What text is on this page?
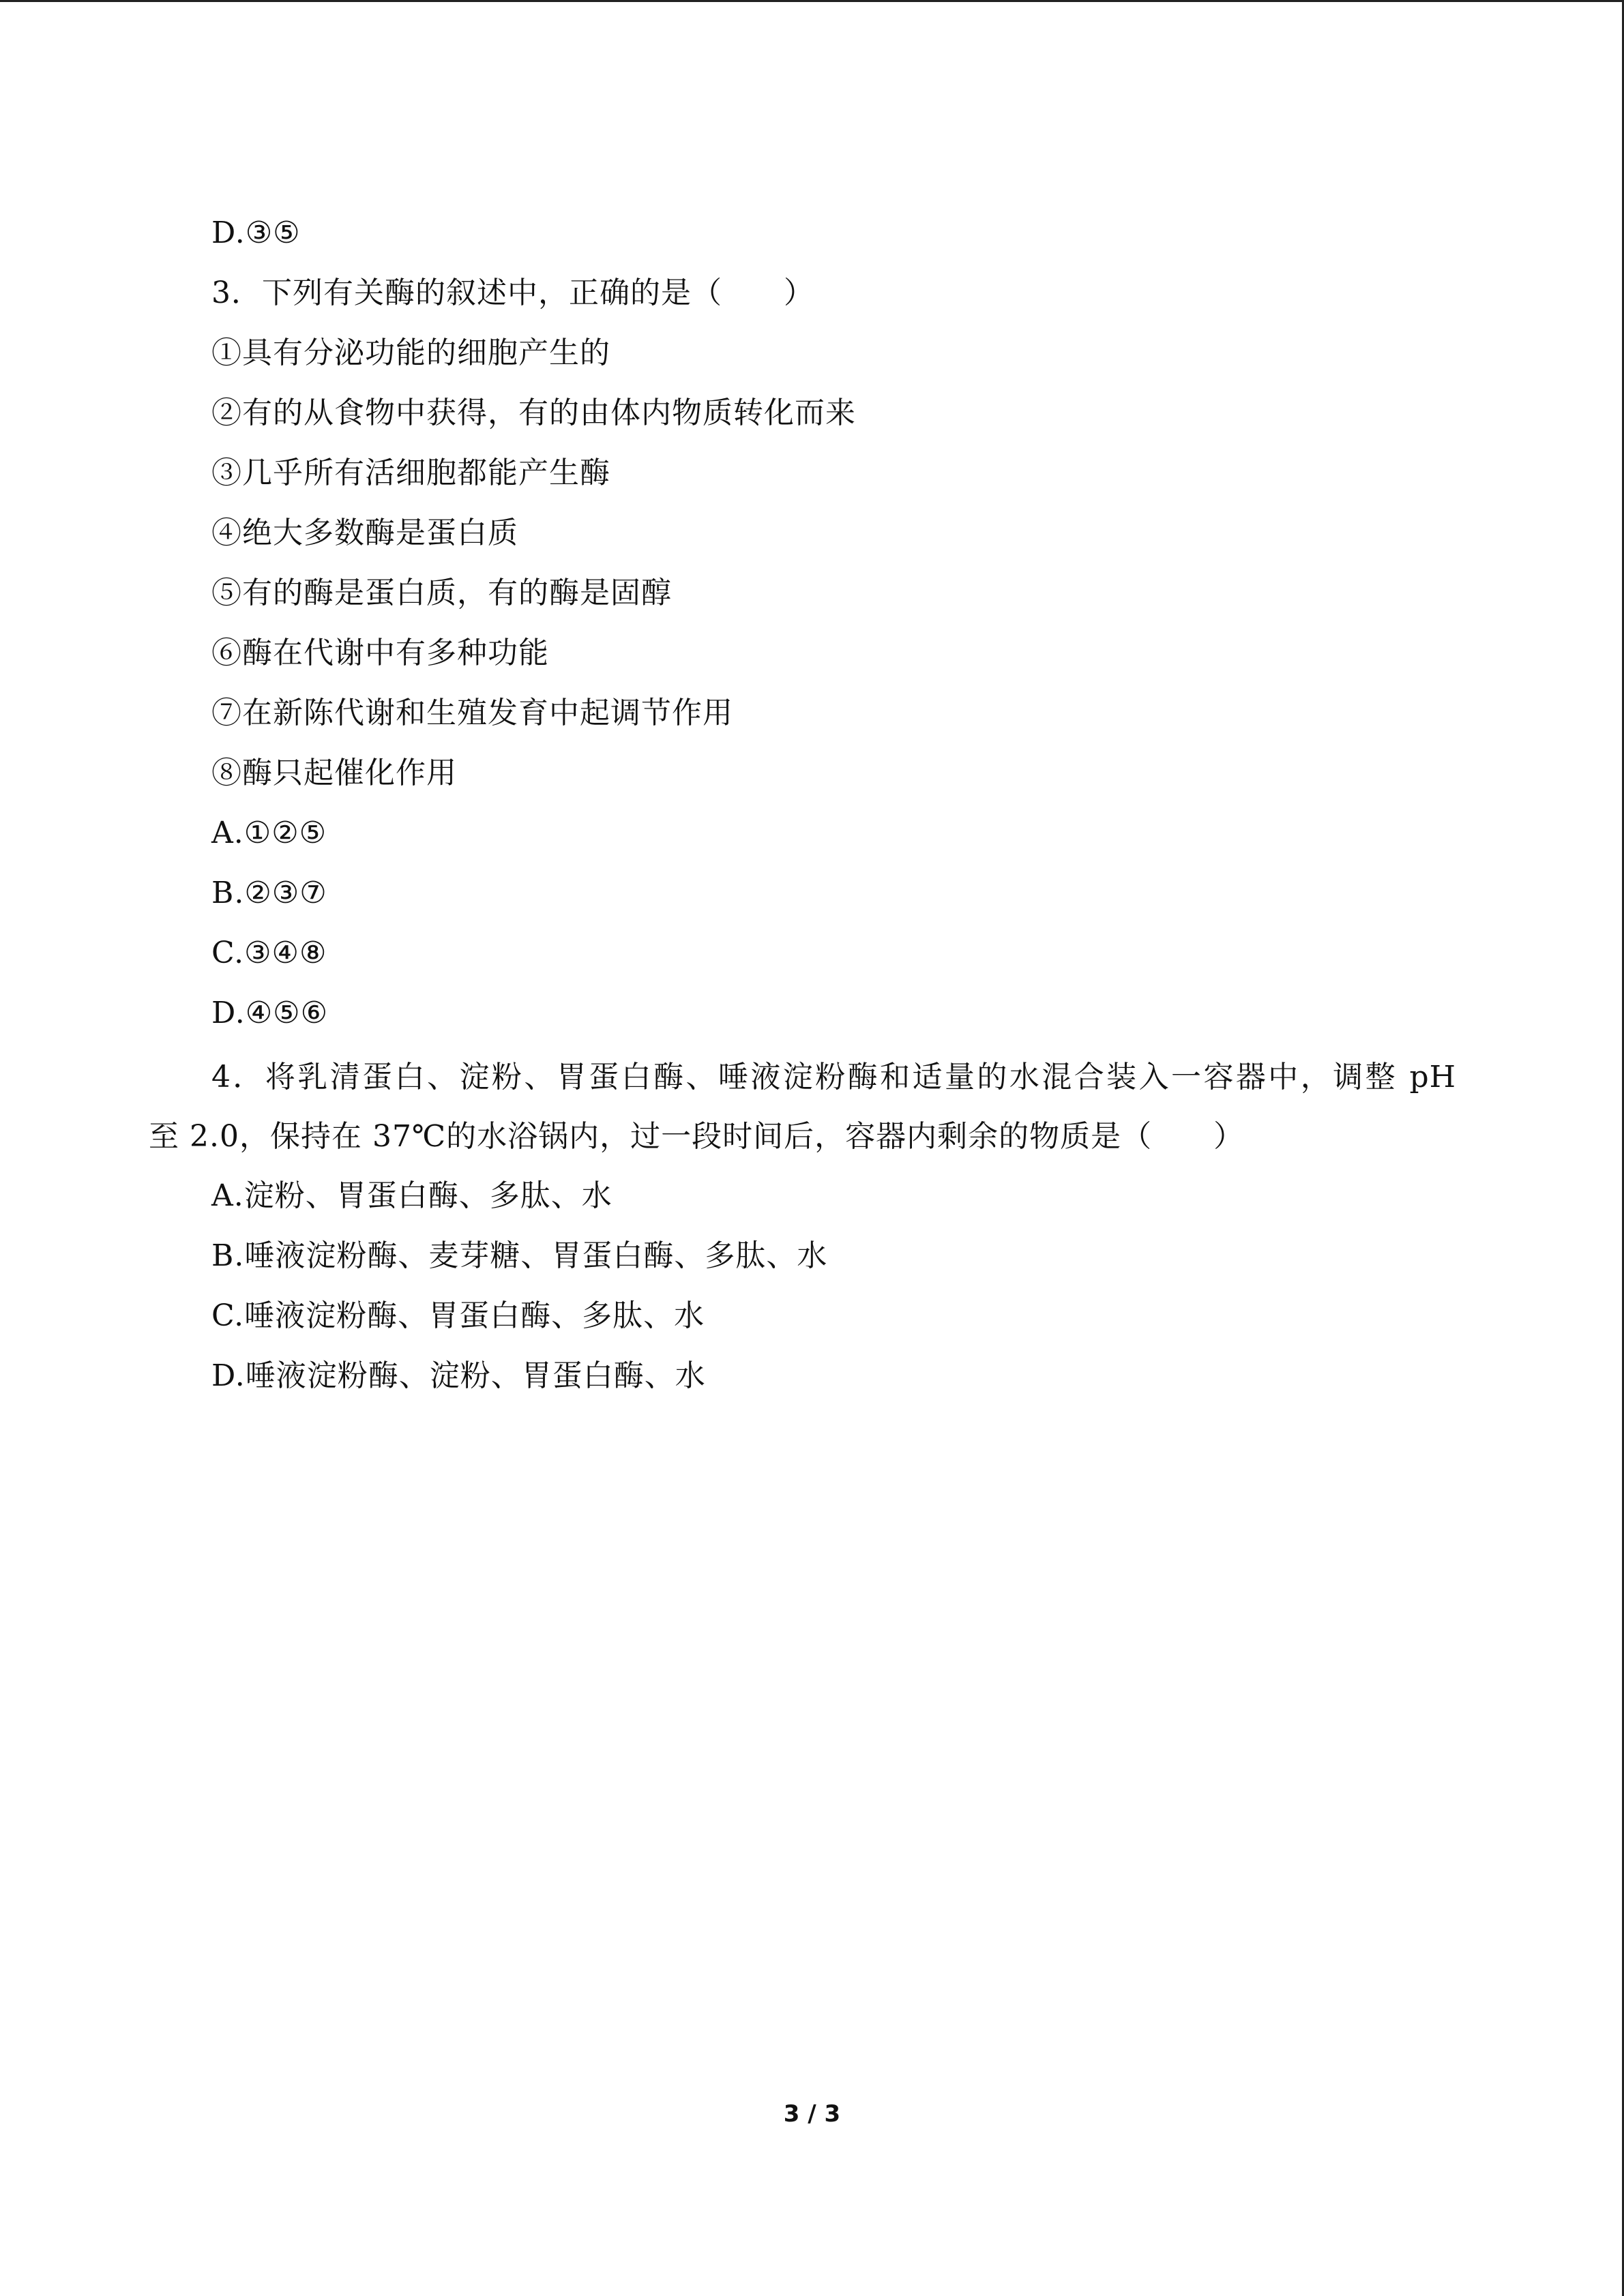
D.③⑤
3．下列有关酶的叙述中，正确的是（　　）
①具有分泌功能的细胞产生的
②有的从食物中获得，有的由体内物质转化而来
③几乎所有活细胞都能产生酶
④绝大多数酶是蛋白质
⑤有的酶是蛋白质，有的酶是固醇
⑥酶在代谢中有多种功能
⑦在新陈代谢和生殖发育中起调节作用
⑧酶只起催化作用
A.①②⑤
B.②③⑦
C.③④⑧
D.④⑤⑥
4．将乳清蛋白、淀粉、胃蛋白酶、唾液淀粉酶和适量的水混合装入一容器中，调整 pH
至 2.0，保持在 37℃的水浴锅内，过一段时间后，容器内剩余的物质是（　　）
A.淀粉、胃蛋白酶、多肽、水
B.唾液淀粉酶、麦芽糖、胃蛋白酶、多肽、水
C.唾液淀粉酶、胃蛋白酶、多肽、水
D.唾液淀粉酶、淀粉、胃蛋白酶、水
3 / 3
